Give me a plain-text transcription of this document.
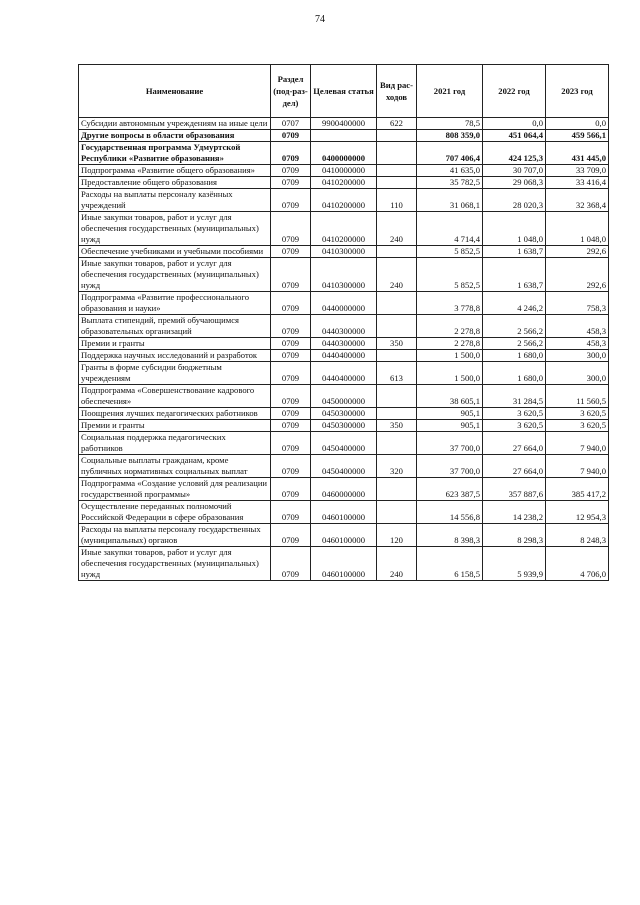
74
Наименование	Раздел (под-раз-дел)	Целевая статья	Вид рас-ходов	2021 год	2022 год	2023 год
Субсидии автономным учреждениям на иные цели	0707	9900400000	622	78,5	0,0	0,0
Другие вопросы в области образования	0709			808 359,0	451 064,4	459 566,1
Государственная программа Удмуртской Республики «Развитие образования»	0709	0400000000		707 406,4	424 125,3	431 445,0
Подпрограмма «Развитие общего образования»	0709	0410000000		41 635,0	30 707,0	33 709,0
Предоставление общего образования	0709	0410200000		35 782,5	29 068,3	33 416,4
Расходы на выплаты персоналу казённых учреждений	0709	0410200000	110	31 068,1	28 020,3	32 368,4
Иные закупки товаров, работ и услуг для обеспечения государственных (муниципальных) нужд	0709	0410200000	240	4 714,4	1 048,0	1 048,0
Обеспечение учебниками и учебными пособиями	0709	0410300000		5 852,5	1 638,7	292,6
Иные закупки товаров, работ и услуг для обеспечения государственных (муниципальных) нужд	0709	0410300000	240	5 852,5	1 638,7	292,6
Подпрограмма «Развитие профессионального образования и науки»	0709	0440000000		3 778,8	4 246,2	758,3
Выплата стипендий, премий обучающимся образовательных организаций	0709	0440300000		2 278,8	2 566,2	458,3
Премии и гранты	0709	0440300000	350	2 278,8	2 566,2	458,3
Поддержка научных исследований и разработок	0709	0440400000		1 500,0	1 680,0	300,0
Гранты в форме субсидии бюджетным учреждениям	0709	0440400000	613	1 500,0	1 680,0	300,0
Подпрограмма «Совершенствование кадрового обеспечения»	0709	0450000000		38 605,1	31 284,5	11 560,5
Поощрения лучших педагогических работников	0709	0450300000		905,1	3 620,5	3 620,5
Премии и гранты	0709	0450300000	350	905,1	3 620,5	3 620,5
Социальная поддержка педагогических работников	0709	0450400000		37 700,0	27 664,0	7 940,0
Социальные выплаты гражданам, кроме публичных нормативных социальных выплат	0709	0450400000	320	37 700,0	27 664,0	7 940,0
Подпрограмма «Создание условий для реализации государственной программы»	0709	0460000000		623 387,5	357 887,6	385 417,2
Осуществление переданных полномочий Российской Федерации в сфере образования	0709	0460100000		14 556,8	14 238,2	12 954,3
Расходы на выплаты персоналу государственных (муниципальных) органов	0709	0460100000	120	8 398,3	8 298,3	8 248,3
Иные закупки товаров, работ и услуг для обеспечения государственных (муниципальных) нужд	0709	0460100000	240	6 158,5	5 939,9	4 706,0
